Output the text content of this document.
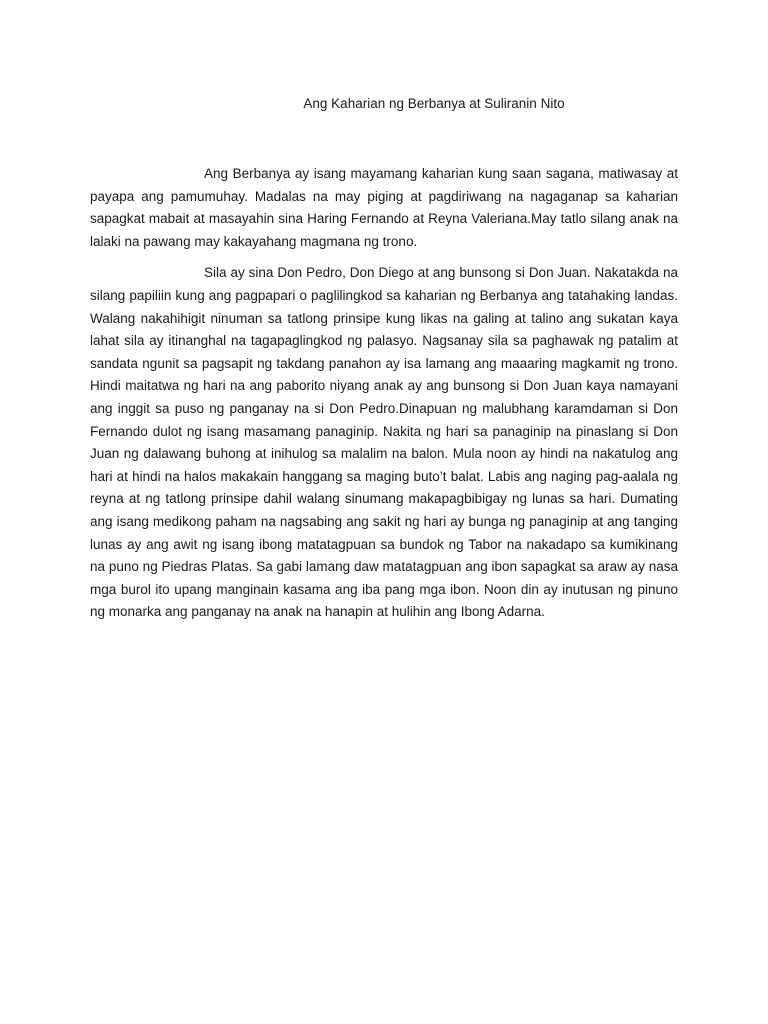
Ang Kaharian ng Berbanya at Suliranin Nito

Ang Berbanya ay isang mayamang kaharian kung saan sagana, matiwasay at payapa ang pamumuhay. Madalas na may piging at pagdiriwang na nagaganap sa kaharian sapagkat mabait at masayahin sina Haring Fernando at Reyna Valeriana.May tatlo silang anak na lalaki na pawang may kakayahang magmana ng trono.

Sila ay sina Don Pedro, Don Diego at ang bunsong si Don Juan. Nakatakda na silang papiliin kung ang pagpapari o paglilingkod sa kaharian ng Berbanya ang tatahaking landas. Walang nakahihigit ninuman sa tatlong prinsipe kung likas na galing at talino ang sukatan kaya lahat sila ay itinanghal na tagapaglingkod ng palasyo. Nagsanay sila sa paghawak ng patalim at sandata ngunit sa pagsapit ng takdang panahon ay isa lamang ang maaaring magkamit ng trono. Hindi maitatwa ng hari na ang paborito niyang anak ay ang bunsong si Don Juan kaya namayani ang inggit sa puso ng panganay na si Don Pedro.Dinapuan ng malubhang karamdaman si Don Fernando dulot ng isang masamang panaginip. Nakita ng hari sa panaginip na pinaslang si Don Juan ng dalawang buhong at inihulog sa malalim na balon. Mula noon ay hindi na nakatulog ang hari at hindi na halos makakain hanggang sa maging buto’t balat. Labis ang naging pag-aalala ng reyna at ng tatlong prinsipe dahil walang sinumang makapagbibigay ng lunas sa hari. Dumating ang isang medikong paham na nagsabing ang sakit ng hari ay bunga ng panaginip at ang tanging lunas ay ang awit ng isang ibong matatagpuan sa bundok ng Tabor na nakadapo sa kumikinang na puno ng Piedras Platas. Sa gabi lamang daw matatagpuan ang ibon sapagkat sa araw ay nasa mga burol ito upang manginain kasama ang iba pang mga ibon. Noon din ay inutusan ng pinuno ng monarka ang panganay na anak na hanapin at hulihin ang Ibong Adarna.
